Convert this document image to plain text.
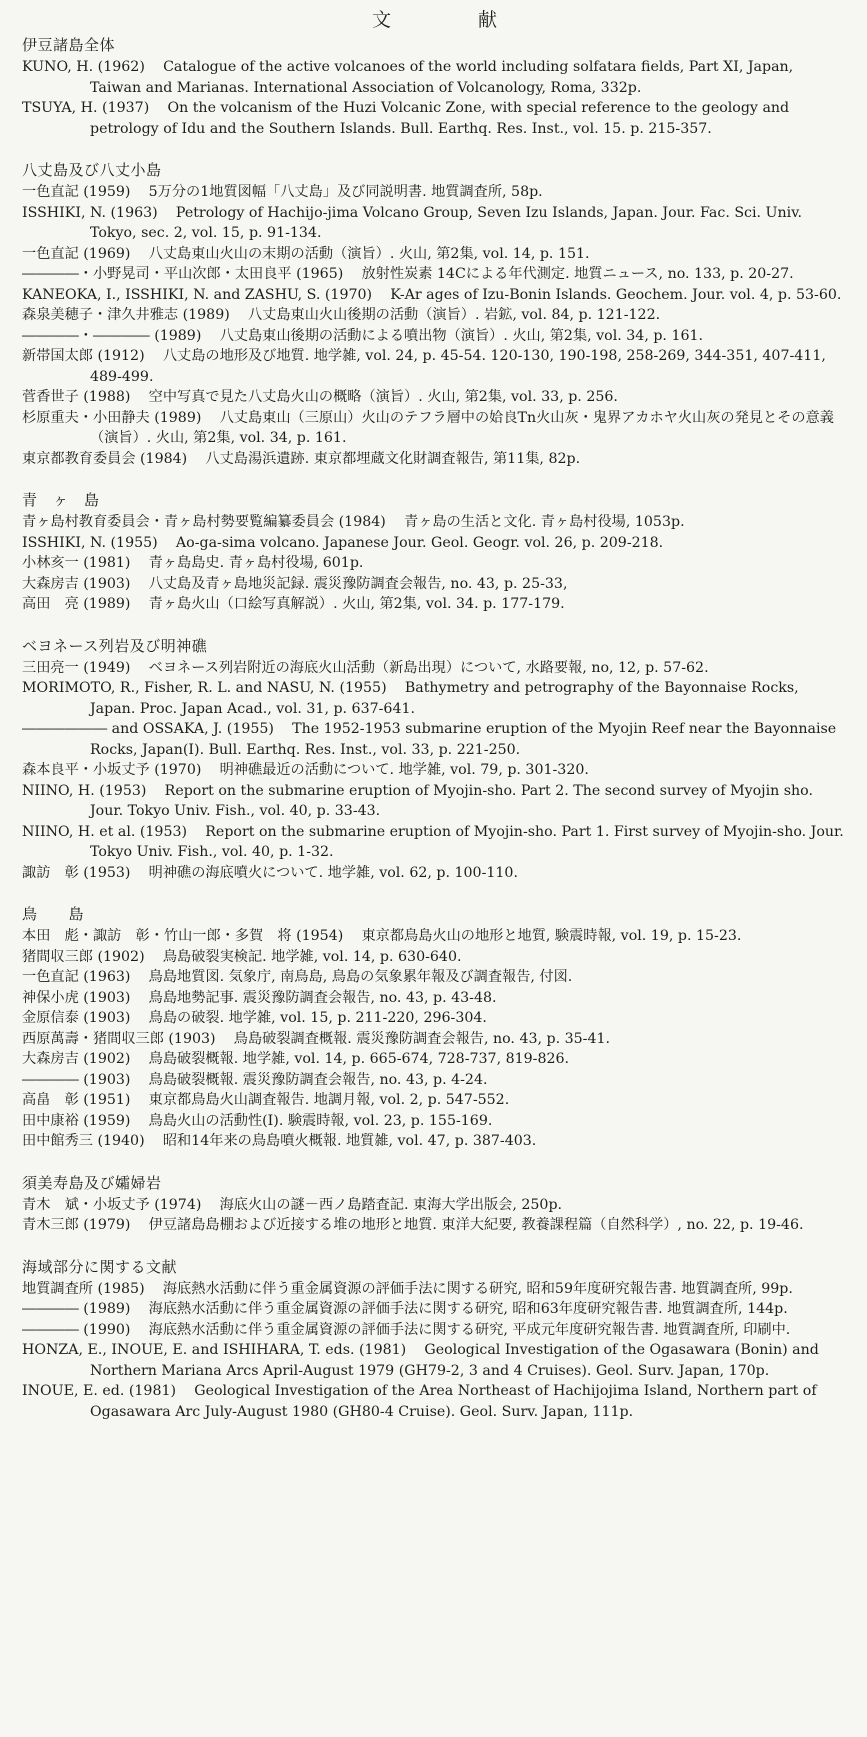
文　献
伊豆諸島全体
KUNO, H. (1962)　 Catalogue of the active volcanoes of the world including solfatara fields, Part XI, Japan, Taiwan and Marianas. International Association of Volcanology, Roma, 332p.
TSUYA, H. (1937)　 On the volcanism of the Huzi Volcanic Zone, with special reference to the geology and petrology of Idu and the Southern Islands. Bull. Earthq. Res. Inst., vol. 15. p. 215-357.
八丈島及び八丈小島
一色直記 (1959)　 5万分の1地質図幅「八丈島」及び同説明書. 地質調査所, 58p.
ISSHIKI, N. (1963)　 Petrology of Hachijo-jima Volcano Group, Seven Izu Islands, Japan. Jour. Fac. Sci. Univ. Tokyo, sec. 2, vol. 15, p. 91-134.
一色直記 (1969)　 八丈島東山火山の末期の活動（演旨）. 火山, 第2集, vol. 14, p. 151.
――――・小野晃司・平山次郎・太田良平 (1965)　 放射性炭素 14Cによる年代測定. 地質ニュース, no. 133, p. 20-27.
KANEOKA, I., ISSHIKI, N. and ZASHU, S. (1970)　 K-Ar ages of Izu-Bonin Islands. Geochem. Jour. vol. 4, p. 53-60.
森泉美穂子・津久井雅志 (1989)　 八丈島東山火山後期の活動（演旨）. 岩鉱, vol. 84, p. 121-122.
――――・―――― (1989)　 八丈島東山後期の活動による噴出物（演旨）. 火山, 第2集, vol. 34, p. 161.
新帯国太郎 (1912)　 八丈島の地形及び地質. 地学雑, vol. 24, p. 45-54. 120-130, 190-198, 258-269, 344-351, 407-411, 489-499.
菅香世子 (1988)　 空中写真で見た八丈島火山の概略（演旨）. 火山, 第2集, vol. 33, p. 256.
杉原重夫・小田静夫 (1989)　 八丈島東山（三原山）火山のテフラ層中の姶良Tn火山灰・鬼界アカホヤ火山灰の発見とその意義（演旨）. 火山, 第2集, vol. 34, p. 161.
東京都教育委員会 (1984)　 八丈島湯浜遺跡. 東京都埋蔵文化財調査報告, 第11集, 82p.
青　ヶ　島
青ヶ島村教育委員会・青ヶ島村勢要覧編纂委員会 (1984)　 青ヶ島の生活と文化. 青ヶ島村役場, 1053p.
ISSHIKI, N. (1955)　 Ao-ga-sima volcano. Japanese Jour. Geol. Geogr. vol. 26, p. 209-218.
小林亥一 (1981)　 青ヶ島島史. 青ヶ島村役場, 601p.
大森房吉 (1903)　 八丈島及青ヶ島地災記録. 震災豫防調査会報告, no. 43, p. 25-33,
高田　亮 (1989)　 青ヶ島火山（口絵写真解説）. 火山, 第2集, vol. 34. p. 177-179.
ベヨネース列岩及び明神礁
三田亮一 (1949)　 ベヨネース列岩附近の海底火山活動（新島出現）について, 水路要報, no, 12, p. 57-62.
MORIMOTO, R., Fisher, R. L. and NASU, N. (1955)　 Bathymetry and petrography of the Bayonnaise Rocks, Japan. Proc. Japan Acad., vol. 31, p. 637-641.
―――――― and OSSAKA, J. (1955)　 The 1952-1953 submarine eruption of the Myojin Reef near the Bayonnaise Rocks, Japan(I). Bull. Earthq. Res. Inst., vol. 33, p. 221-250.
森本良平・小坂丈予 (1970)　 明神礁最近の活動について. 地学雑, vol. 79, p. 301-320.
NIINO, H. (1953)　 Report on the submarine eruption of Myojin-sho. Part 2. The second survey of Myojin sho. Jour. Tokyo Univ. Fish., vol. 40, p. 33-43.
NIINO, H. et al. (1953)　 Report on the submarine eruption of Myojin-sho. Part 1. First survey of Myojin-sho. Jour. Tokyo Univ. Fish., vol. 40, p. 1-32.
諏訪　彰 (1953)　 明神礁の海底噴火について. 地学雑, vol. 62, p. 100-110.
鳥　　島
本田　彪・諏訪　彰・竹山一郎・多賀　将 (1954)　 東京都鳥島火山の地形と地質, 験震時報, vol. 19, p. 15-23.
猪間収三郎 (1902)　 鳥島破裂実検記. 地学雑, vol. 14, p. 630-640.
一色直記 (1963)　 鳥島地質図. 気象庁, 南鳥島, 鳥島の気象累年報及び調査報告, 付図.
神保小虎 (1903)　 鳥島地勢記事. 震災豫防調査会報告, no. 43, p. 43-48.
金原信泰 (1903)　 鳥島の破裂. 地学雑, vol. 15, p. 211-220, 296-304.
西原萬壽・猪間収三郎 (1903)　 鳥島破裂調査概報. 震災豫防調査会報告, no. 43, p. 35-41.
大森房吉 (1902)　 鳥島破裂概報. 地学雑, vol. 14, p. 665-674, 728-737, 819-826.
―――― (1903)　 鳥島破裂概報. 震災豫防調査会報告, no. 43, p. 4-24.
高畠　彰 (1951)　 東京都鳥島火山調査報告. 地調月報, vol. 2, p. 547-552.
田中康裕 (1959)　 鳥島火山の活動性(I). 験震時報, vol. 23, p. 155-169.
田中館秀三 (1940)　 昭和14年来の鳥島噴火概報. 地質雑, vol. 47, p. 387-403.
須美寿島及び孀婦岩
青木　斌・小坂丈予 (1974)　 海底火山の謎－西ノ島踏査記. 東海大学出版会, 250p.
青木三郎 (1979)　 伊豆諸島島棚および近接する堆の地形と地質. 東洋大紀要, 教養課程篇（自然科学）, no. 22, p. 19-46.
海域部分に関する文献
地質調査所 (1985)　 海底熱水活動に伴う重金属資源の評価手法に関する研究, 昭和59年度研究報告書. 地質調査所, 99p.
―――― (1989)　 海底熱水活動に伴う重金属資源の評価手法に関する研究, 昭和63年度研究報告書. 地質調査所, 144p.
―――― (1990)　 海底熱水活動に伴う重金属資源の評価手法に関する研究, 平成元年度研究報告書. 地質調査所, 印刷中.
HONZA, E., INOUE, E. and ISHIHARA, T. eds. (1981)　 Geological Investigation of the Ogasawara (Bonin) and Northern Mariana Arcs April-August 1979 (GH79-2, 3 and 4 Cruises). Geol. Surv. Japan, 170p.
INOUE, E. ed. (1981)　 Geological Investigation of the Area Northeast of Hachijojima Island, Northern part of Ogasawara Arc July-August 1980 (GH80-4 Cruise). Geol. Surv. Japan, 111p.
